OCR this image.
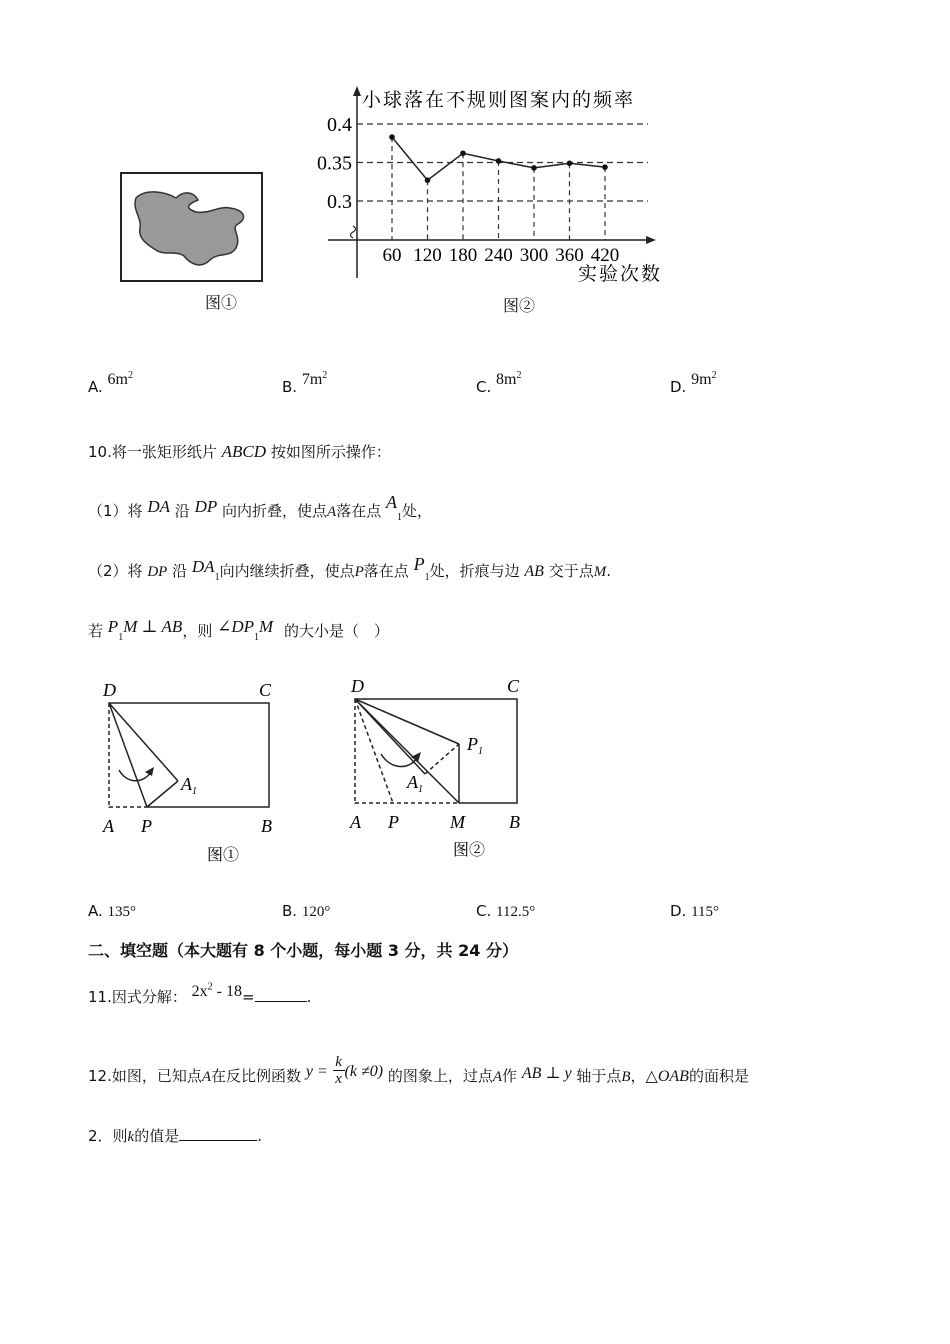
图①
小球落在不规则图案内的频率
实验次数
0.4
0.35
0.3
60 120 180 240 300 360 420
图②
A. $6m^2$
B. $7m^2$
C. $8m^2$
D. $9m^2$
10.将一张矩形纸片 ABCD 按如图所示操作：
（1）将 DA 沿 DP 向内折叠，使点A落在点 $A_1$处，
（2）将 DP 沿 $DA_1$向内继续折叠，使点P落在点 $P_1$处，折痕与边 AB 交于点M.
若 $P_1M$ ⊥ AB，则 $\angle DP_1M$ 的大小是（　）
D	C
A P	B
$A_1$
图①
D	C
A P	M B
$A_1$
$P_1$
图②
A. 135°	B. 120°	C. 112.5°	D. 115°
二、填空题（本大题有 8 个小题，每小题 3 分，共 24 分）
11.因式分解： $2x^2 - 18=$	.
12.如图，已知点A在反比例函数 $y = \frac{k}{x} (k \ne 0)$ 的图象上，过点A作 AB ⊥ y 轴于点B，△OAB的面积是
2．则k的值是	.
